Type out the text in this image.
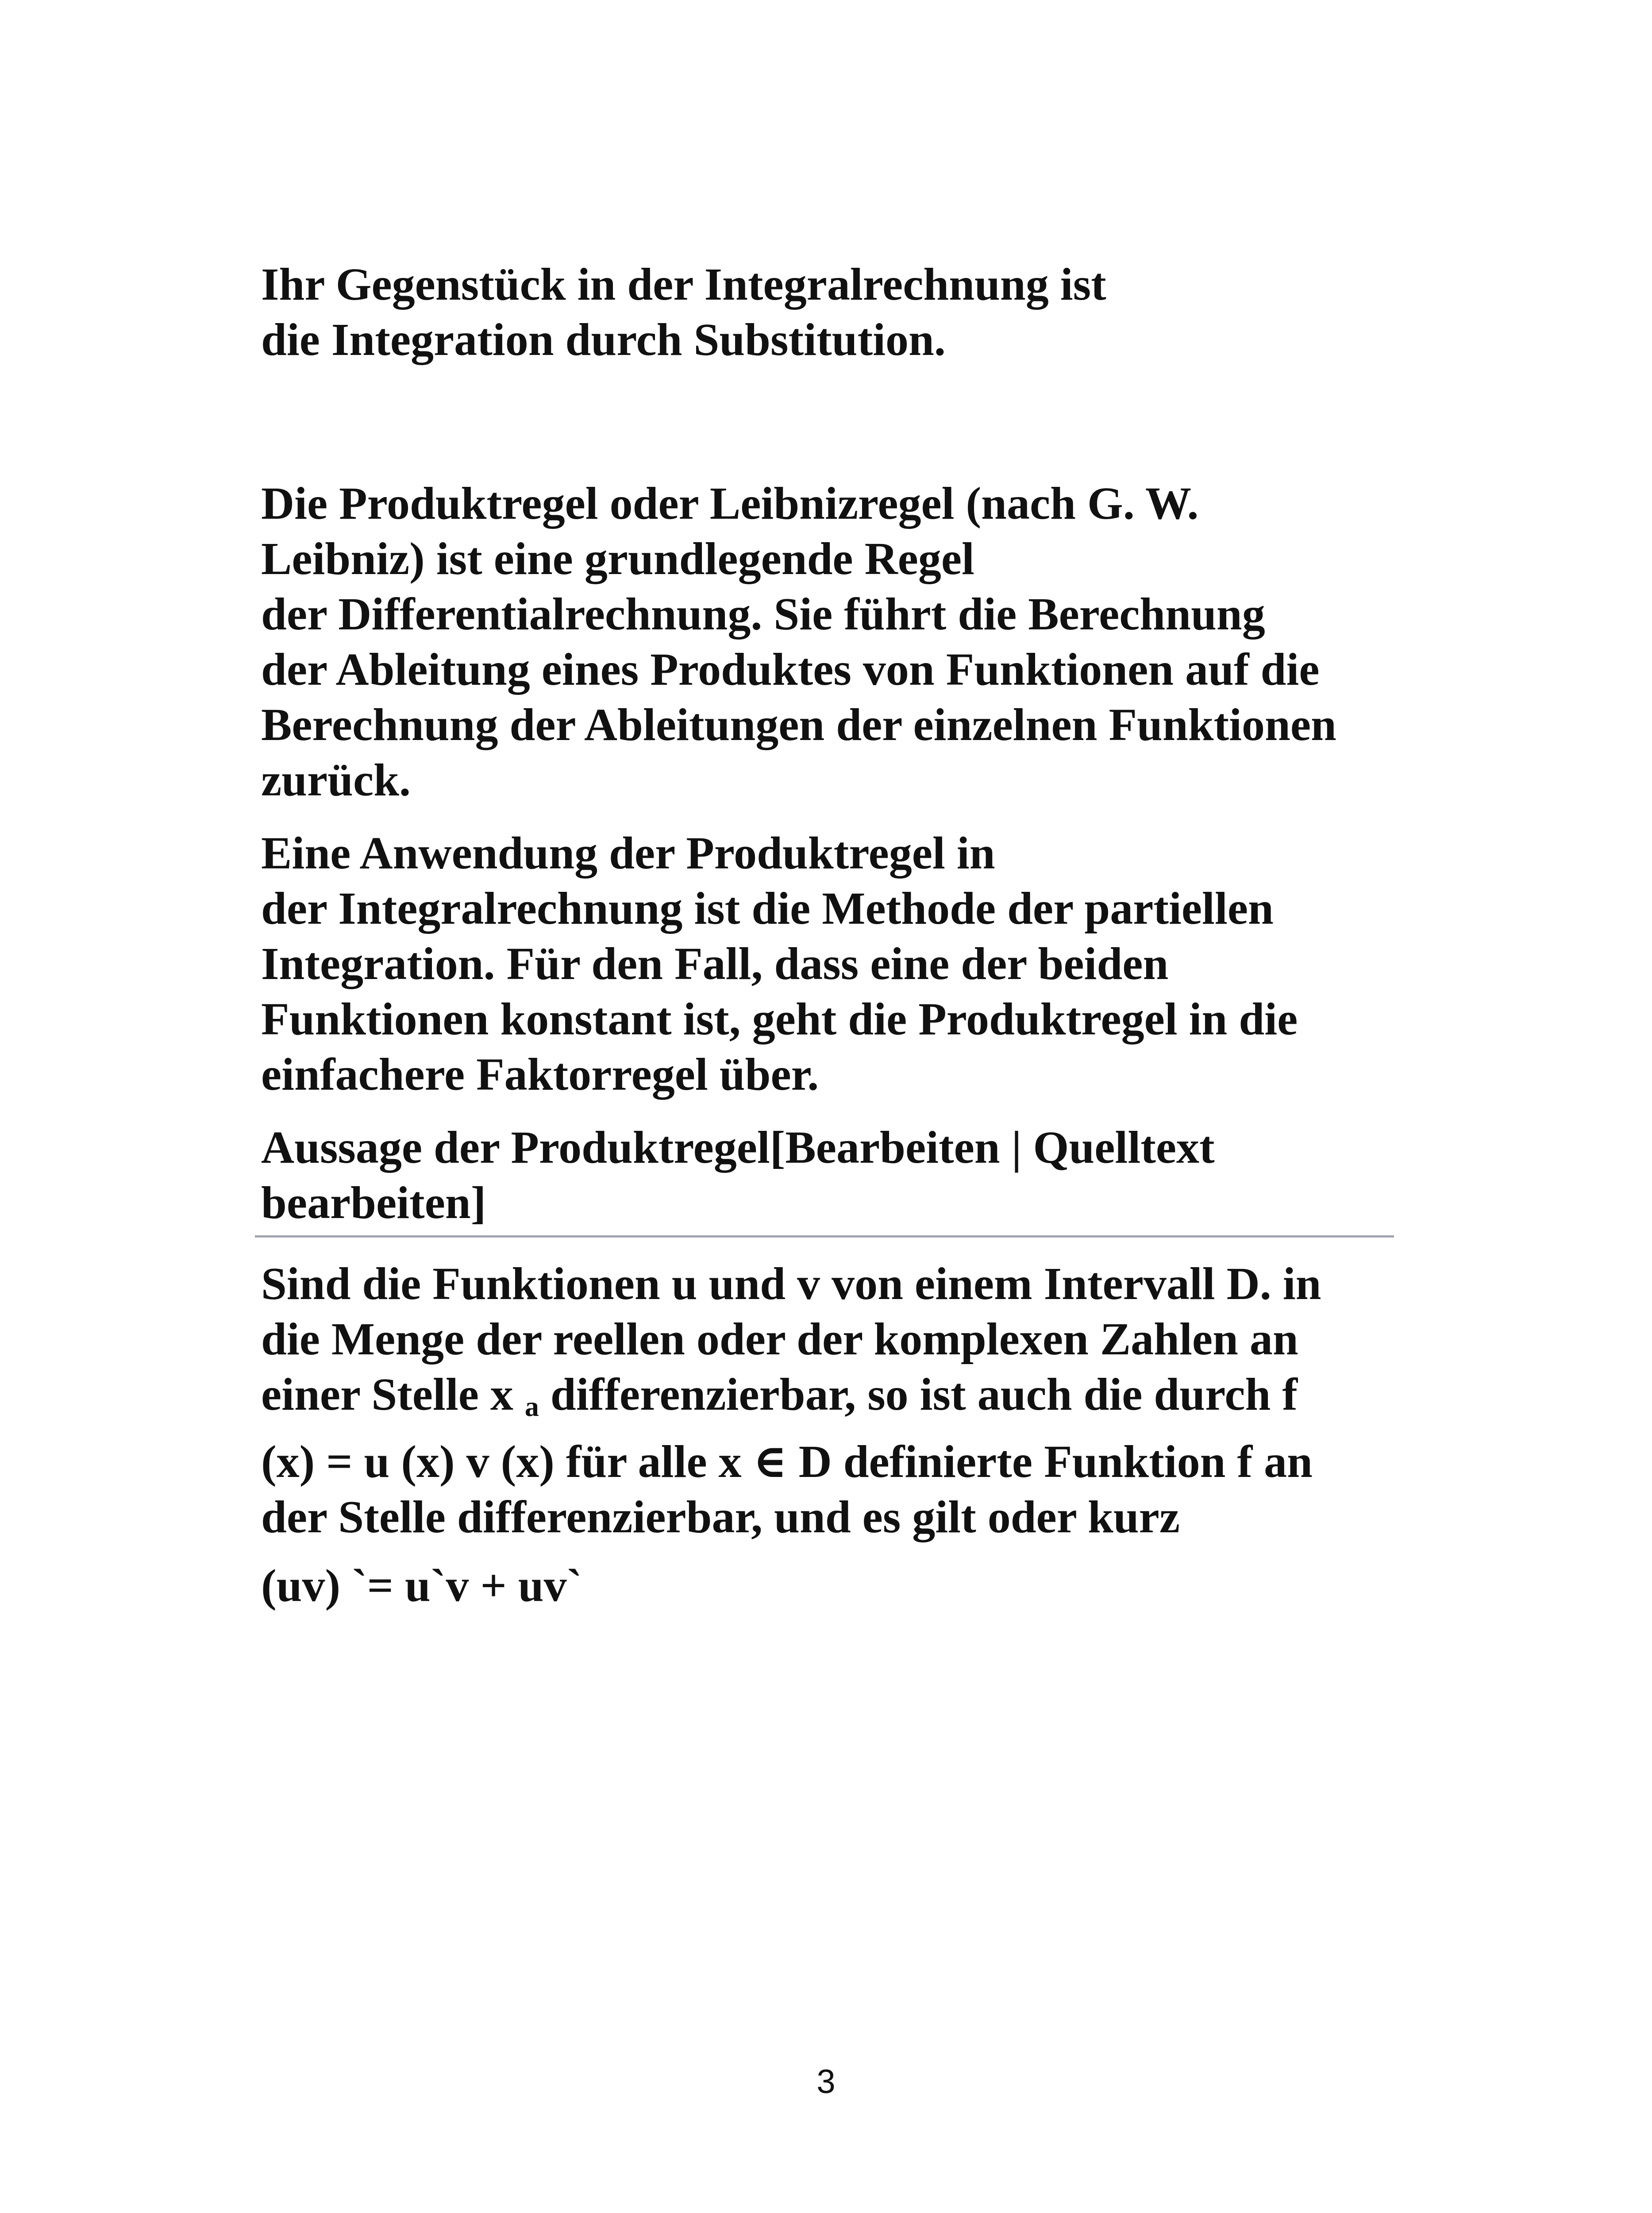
Ihr Gegenstück in der Integralrechnung ist
die Integration durch Substitution.

Die Produktregel oder Leibnizregel (nach G. W.
Leibniz) ist eine grundlegende Regel
der Differentialrechnung. Sie führt die Berechnung
der Ableitung eines Produktes von Funktionen auf die
Berechnung der Ableitungen der einzelnen Funktionen
zurück.

Eine Anwendung der Produktregel in
der Integralrechnung ist die Methode der partiellen
Integration. Für den Fall, dass eine der beiden
Funktionen konstant ist, geht die Produktregel in die
einfachere Faktorregel über.

Aussage der Produktregel[Bearbeiten | Quelltext
bearbeiten]

Sind die Funktionen u und v von einem Intervall D. in
die Menge der reellen oder der komplexen Zahlen an
einer Stelle x $_a$ differenzierbar, so ist auch die durch f
(x) = u (x) v (x) für alle x ∈ D definierte Funktion f an
der Stelle differenzierbar, und es gilt oder kurz

(uv) `= u`v + uv`

3
